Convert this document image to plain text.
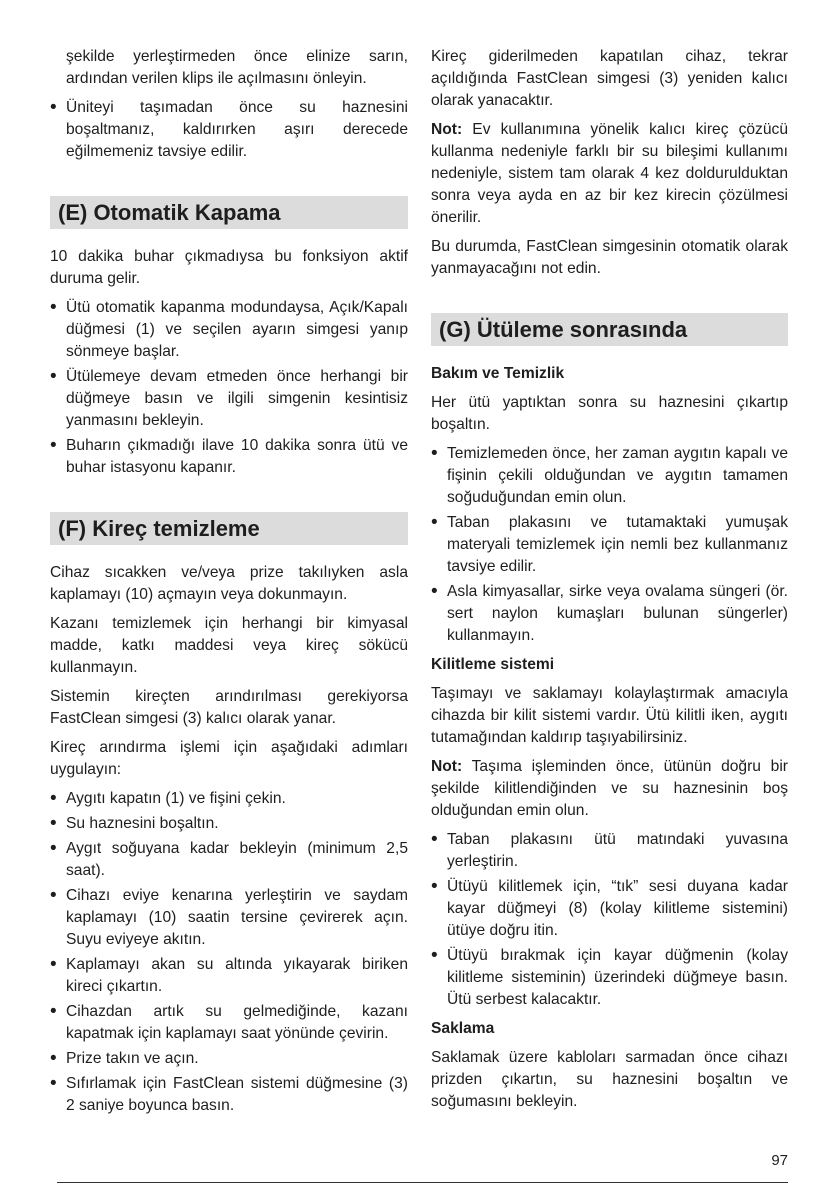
şekilde yerleştirmeden önce elinize sarın, ardından verilen klips ile açılmasını önleyin.
• Üniteyi taşımadan önce su haznesini boşaltmanız, kaldırırken aşırı derecede eğilmemeniz tavsiye edilir.
(E) Otomatik Kapama

10 dakika buhar çıkmadıysa bu fonksiyon aktif duruma gelir.

• Ütü otomatik kapanma modundaysa, Açık/Kapalı düğmesi (1) ve seçilen ayarın simgesi yanıp sönmeye başlar.
• Ütülemeye devam etmeden önce herhangi bir düğmeye basın ve ilgili simgenin kesintisiz yanmasını bekleyin.
• Buharın çıkmadığı ilave 10 dakika sonra ütü ve buhar istasyonu kapanır.
(F) Kireç temizleme

Cihaz sıcakken ve/veya prize takılıyken asla kaplamayı (10) açmayın veya dokunmayın.

Kazanı temizlemek için herhangi bir kimyasal madde, katkı maddesi veya kireç sökücü kullanmayın.

Sistemin kireçten arındırılması gerekiyorsa FastClean simgesi (3) kalıcı olarak yanar.

Kireç arındırma işlemi için aşağıdaki adımları uygulayın:

• Aygıtı kapatın (1) ve fişini çekin.
• Su haznesini boşaltın.
• Aygıt soğuyana kadar bekleyin (minimum 2,5 saat).
• Cihazı eviye kenarına yerleştirin ve saydam kaplamayı (10) saatin tersine çevirerek açın. Suyu eviyeye akıtın.
• Kaplamayı akan su altında yıkayarak biriken kireci çıkartın.
• Cihazdan artık su gelmediğinde, kazanı kapatmak için kaplamayı saat yönünde çevirin.
• Prize takın ve açın.
• Sıfırlamak için FastClean sistemi düğmesine (3) 2 saniye boyunca basın.

Kireç giderilmeden kapatılan cihaz, tekrar açıldığında FastClean simgesi (3) yeniden kalıcı olarak yanacaktır.

Not: Ev kullanımına yönelik kalıcı kireç çözücü kullanma nedeniyle farklı bir su bileşimi kullanımı nedeniyle, sistem tam olarak 4 kez doldurulduktan sonra veya ayda en az bir kez kirecin çözülmesi önerilir.

Bu durumda, FastClean simgesinin otomatik olarak yanmayacağını not edin.

(G) Ütüleme sonrasında
Bakım ve Temizlik

Her ütü yaptıktan sonra su haznesini çıkartıp boşaltın.

• Temizlemeden önce, her zaman aygıtın kapalı ve fişinin çekili olduğundan ve aygıtın tamamen soğuduğundan emin olun.
• Taban plakasını ve tutamaktaki yumuşak materyali temizlemek için nemli bez kullanmanız tavsiye edilir.
• Asla kimyasallar, sirke veya ovalama süngeri (ör. sert naylon kumaşları bulunan süngerler) kullanmayın.
Kilitleme sistemi

Taşımayı ve saklamayı kolaylaştırmak amacıyla cihazda bir kilit sistemi vardır. Ütü kilitli iken, aygıtı tutamağından kaldırıp taşıyabilirsiniz.

Not: Taşıma işleminden önce, ütünün doğru bir şekilde kilitlendiğinden ve su haznesinin boş olduğundan emin olun.

• Taban plakasını ütü matındaki yuvasına yerleştirin.
• Ütüyü kilitlemek için, “tık” sesi duyana kadar kayar düğmeyi (8) (kolay kilitleme sistemini) ütüye doğru itin.
• Ütüyü bırakmak için kayar düğmenin (kolay kilitleme sisteminin) üzerindeki düğmeye basın. Ütü serbest kalacaktır.
Saklama

Saklamak üzere kabloları sarmadan önce cihazı prizden çıkartın, su haznesini boşaltın ve soğumasını bekleyin.

97
